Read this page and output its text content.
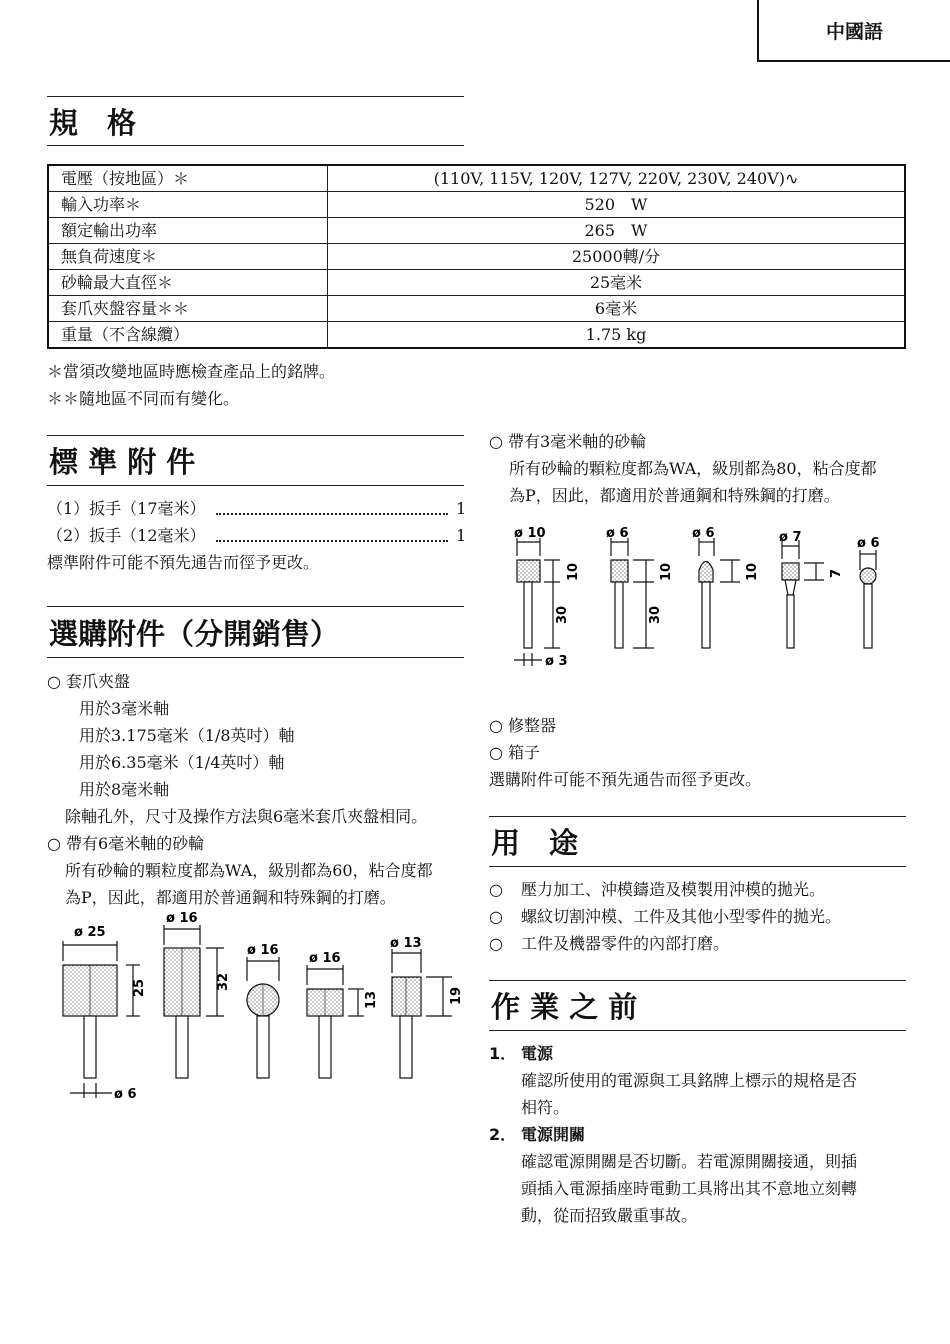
中國語
規　格
電壓（按地區）＊	(110V, 115V, 120V, 127V, 220V, 230V, 240V)∿
輸入功率＊	520　W
額定輸出功率	265　W
無負荷速度＊	25000轉/分
砂輪最大直徑＊	25毫米
套爪夾盤容量＊＊	6毫米
重量（不含線纜）	1.75 kg
＊當須改變地區時應檢查產品上的銘牌。
＊＊隨地區不同而有變化。
標 準 附 件
（1）扳手（17毫米）	1
（2）扳手（12毫米）	1
標準附件可能不預先通告而徑予更改。
選購附件（分開銷售）
○ 套爪夾盤
用於3毫米軸
用於3.175毫米（1/8英吋）軸
用於6.35毫米（1/4英吋）軸
用於8毫米軸
除軸孔外，尺寸及操作方法與6毫米套爪夾盤相同。
○ 帶有6毫米軸的砂輪
所有砂輪的顆粒度都為WA，級別都為60，粘合度都
為P，因此，都適用於普通鋼和特殊鋼的打磨。
ø 25
25
ø 16
32
ø 16
ø 16
13
ø 13
19
ø 6
○ 帶有3毫米軸的砂輪
所有砂輪的顆粒度都為WA，級別都為80，粘合度都
為P，因此，都適用於普通鋼和特殊鋼的打磨。
ø 10
10
30
ø 6
10
30
ø 6
10
ø 7
7
ø 6
ø 3
○ 修整器
○ 箱子
選購附件可能不預先通告而徑予更改。
用　途
○ 壓力加工、沖模鑄造及模製用沖模的拋光。
○ 螺紋切割沖模、工件及其他小型零件的拋光。
○ 工件及機器零件的內部打磨。
作 業 之 前
1． 電源
確認所使用的電源與工具銘牌上標示的規格是否
相符。
2． 電源開關
確認電源開關是否切斷。若電源開關接通，則插
頭插入電源插座時電動工具將出其不意地立刻轉
動，從而招致嚴重事故。
